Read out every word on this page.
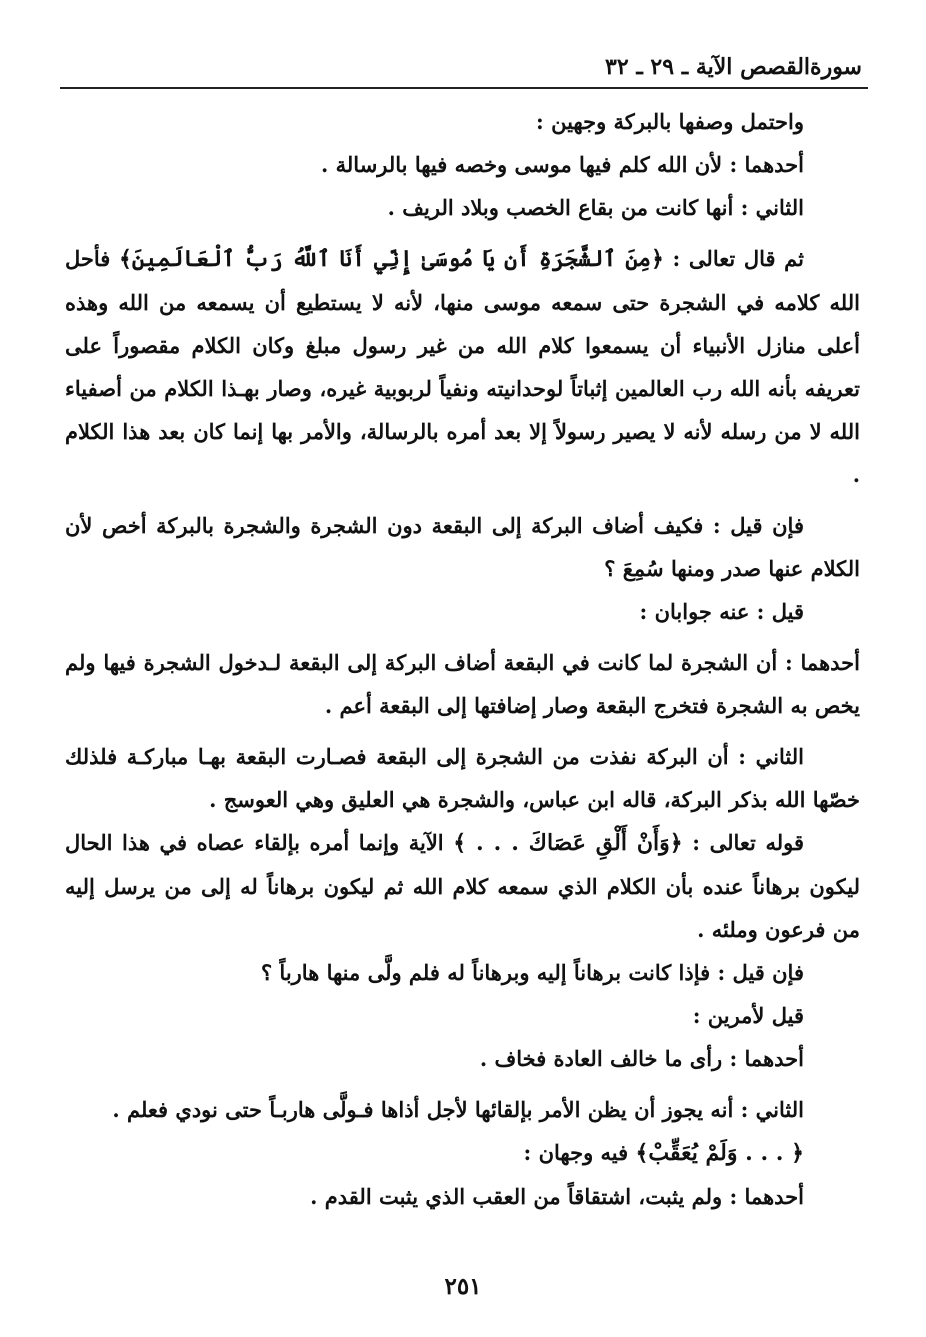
سورةالقصص الآية ـ ٢٩ ـ ٣٢

واحتمل وصفها بالبركة وجهين :

أحدهما : لأن الله كلم فيها موسى وخصه فيها بالرسالة .

الثاني : أنها كانت من بقاع الخصب وبلاد الريف .

ثم قال تعالى : ﴿مِنَ ٱلشَّجَرَةِ أَن يَا مُوسَىٰ إِنِّي أَنَا ٱللَّهُ رَبُّ ٱلْعَالَمِينَ﴾ فأحل الله كلامه في الشجرة حتى سمعه موسى منها، لأنه لا يستطيع أن يسمعه من الله وهذه أعلى منازل الأنبياء أن يسمعوا كلام الله من غير رسول مبلغ وكان الكلام مقصوراً على تعريفه بأنه الله رب العالمين إثباتاً لوحدانيته ونفياً لربوبية غيره، وصار بهـذا الكلام من أصفياء الله لا من رسله لأنه لا يصير رسولاً إلا بعد أمره بالرسالة، والأمر بها إنما كان بعد هذا الكلام .

فإن قيل : فكيف أضاف البركة إلى البقعة دون الشجرة والشجرة بالبركة أخص لأن الكلام عنها صدر ومنها سُمِعَ ؟

قيل : عنه جوابان :

أحدهما : أن الشجرة لما كانت في البقعة أضاف البركة إلى البقعة لـدخول الشجرة فيها ولم يخص به الشجرة فتخرج البقعة وصار إضافتها إلى البقعة أعم .

الثاني : أن البركة نفذت من الشجرة إلى البقعة فصـارت البقعة بهـا مباركـة فلذلك خصّها الله بذكر البركة، قاله ابن عباس، والشجرة هي العليق وهي العوسج .

قوله تعالى : ﴿وَأَنْ أَلْقِ عَصَاكَ . . . ﴾ الآية وإنما أمره بإلقاء عصاه في هذا الحال ليكون برهاناً عنده بأن الكلام الذي سمعه كلام الله ثم ليكون برهاناً له إلى من يرسل إليه من فرعون وملئه .

فإن قيل : فإذا كانت برهاناً إليه وبرهاناً له فلم ولَّى منها هارباً ؟

قيل لأمرين :

أحدهما : رأى ما خالف العادة فخاف .

الثاني : أنه يجوز أن يظن الأمر بإلقائها لأجل أذاها فـولَّى هاربـاً حتى نودي فعلم .

﴿ . . . وَلَمْ يُعَقِّبْ﴾ فيه وجهان :

أحدهما : ولم يثبت، اشتقاقاً من العقب الذي يثبت القدم .

٢٥١
